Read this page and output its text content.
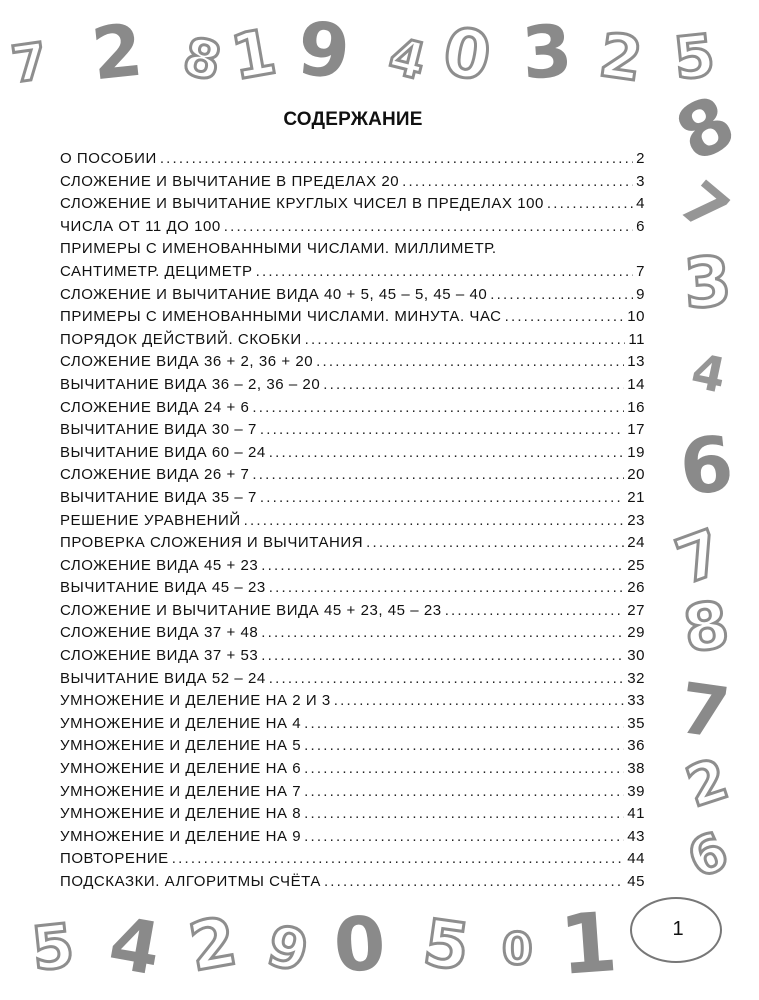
7 2 8 1 9 4 0 3 2 5
8
7
3
4
6
7
8
7
2
6
5 4 2 9 0 5 0 1
СОДЕРЖАНИЕ
О ПОСОБИИ .....	2
СЛОЖЕНИЕ И ВЫЧИТАНИЕ В ПРЕДЕЛАХ 20 .....	3
СЛОЖЕНИЕ И ВЫЧИТАНИЕ КРУГЛЫХ ЧИСЕЛ В ПРЕДЕЛАХ 100 .....	4
ЧИСЛА ОТ 11 ДО 100 .....	6
ПРИМЕРЫ С ИМЕНОВАННЫМИ ЧИСЛАМИ. МИЛЛИМЕТР.
САНТИМЕТР. ДЕЦИМЕТР .....	7
СЛОЖЕНИЕ И ВЫЧИТАНИЕ ВИДА 40 + 5, 45 – 5, 45 – 40 .....	9
ПРИМЕРЫ С ИМЕНОВАННЫМИ ЧИСЛАМИ. МИНУТА. ЧАС .....	10
ПОРЯДОК ДЕЙСТВИЙ. СКОБКИ .....	11
СЛОЖЕНИЕ ВИДА 36 + 2, 36 + 20 .....	13
ВЫЧИТАНИЕ ВИДА 36 – 2, 36 – 20 .....	14
СЛОЖЕНИЕ ВИДА 24 + 6 .....	16
ВЫЧИТАНИЕ ВИДА 30 – 7 .....	17
ВЫЧИТАНИЕ ВИДА 60 – 24 .....	19
СЛОЖЕНИЕ ВИДА 26 + 7 .....	20
ВЫЧИТАНИЕ ВИДА 35 – 7 .....	21
РЕШЕНИЕ УРАВНЕНИЙ .....	23
ПРОВЕРКА СЛОЖЕНИЯ И ВЫЧИТАНИЯ .....	24
СЛОЖЕНИЕ ВИДА 45 + 23 .....	25
ВЫЧИТАНИЕ ВИДА 45 – 23 .....	26
СЛОЖЕНИЕ И ВЫЧИТАНИЕ ВИДА 45 + 23, 45 – 23 .....	27
СЛОЖЕНИЕ ВИДА 37 + 48 .....	29
СЛОЖЕНИЕ ВИДА 37 + 53 .....	30
ВЫЧИТАНИЕ ВИДА 52 – 24 .....	32
УМНОЖЕНИЕ И ДЕЛЕНИЕ НА 2 И 3 .....	33
УМНОЖЕНИЕ И ДЕЛЕНИЕ НА 4 .....	35
УМНОЖЕНИЕ И ДЕЛЕНИЕ НА 5 .....	36
УМНОЖЕНИЕ И ДЕЛЕНИЕ НА 6 .....	38
УМНОЖЕНИЕ И ДЕЛЕНИЕ НА 7 .....	39
УМНОЖЕНИЕ И ДЕЛЕНИЕ НА 8 .....	41
УМНОЖЕНИЕ И ДЕЛЕНИЕ НА 9 .....	43
ПОВТОРЕНИЕ .....	44
ПОДСКАЗКИ. АЛГОРИТМЫ СЧЁТА .....	45
1
